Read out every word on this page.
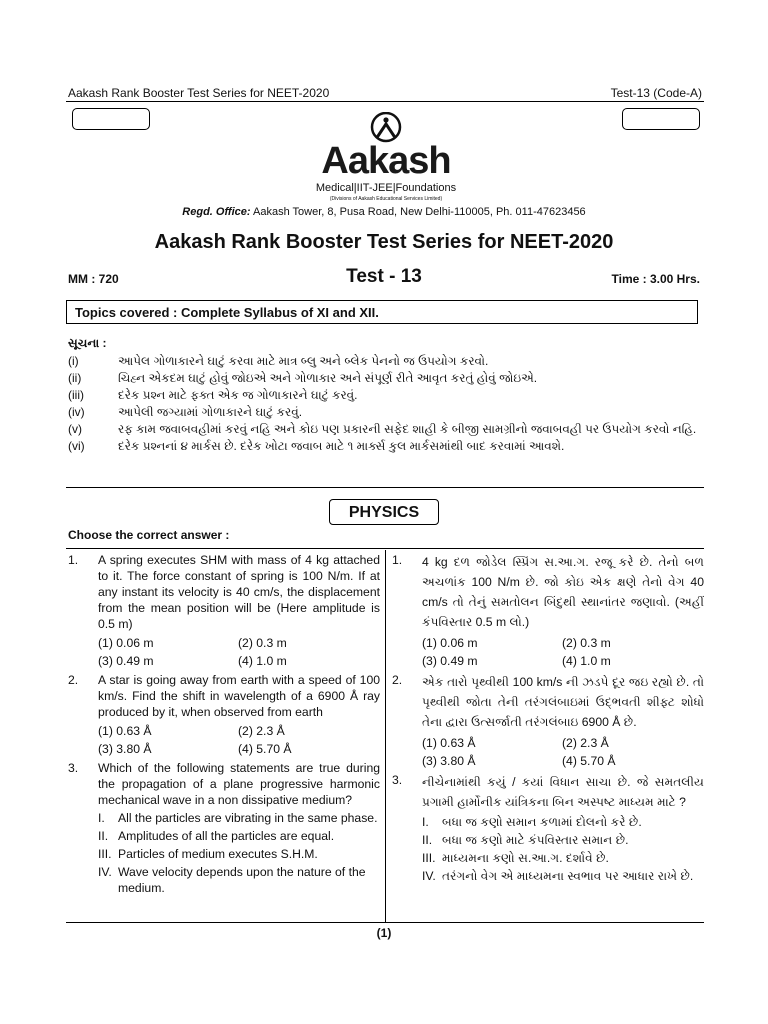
Aakash Rank Booster Test Series for NEET-2020	Test-13 (Code-A)
Aakash
Medical|IIT-JEE|Foundations
(Divisions of Aakash Educational Services Limited)
Regd. Office: Aakash Tower, 8, Pusa Road, New Delhi-110005, Ph. 011-47623456
Aakash Rank Booster Test Series for NEET-2020
MM : 720	Test - 13	Time : 3.00 Hrs.
Topics covered : Complete Syllabus of XI and XII.
સૂચના :
(i)	આપેલ ગોળાકારને ઘાટું કરવા માટે માત્ર બ્લુ અને બ્લેક પેનનો જ ઉપયોગ કરવો.
(ii)	ચિહ્ન એકદમ ઘાટું હોવું જોઇએ અને ગોળાકાર અને સંપૂર્ણ રીતે આવૃત કરતું હોવું જોઇએ.
(iii)	દરેક પ્રશ્ન માટે ફક્ત એક જ ગોળાકારને ઘાટું કરવું.
(iv)	આપેલી જગ્યામાં ગોળાકારને ઘાટું કરવું.
(v)	રફ કામ જવાબવહીમાં કરવું નહિ અને કોઇ પણ પ્રકારની સફેદ શાહી કે બીજી સામગ્રીનો જવાબવહી પર ઉપયોગ કરવો નહિ.
(vi)	દરેક પ્રશ્નનાં ૪ માર્કસ છે. દરેક ખોટા જવાબ માટે ૧ માર્ક્સ કુલ માર્કસમાંથી બાદ કરવામાં આવશે.
PHYSICS
Choose the correct answer :
1.	A spring executes SHM with mass of 4 kg attached to it. The force constant of spring is 100 N/m. If at any instant its velocity is 40 cm/s, the displacement from the mean position will be (Here amplitude is 0.5 m)
(1) 0.06 m	(2) 0.3 m
(3) 0.49 m	(4) 1.0 m
2.	A star is going away from earth with a speed of 100 km/s. Find the shift in wavelength of a 6900 Å ray produced by it, when observed from earth
(1) 0.63 Å	(2) 2.3 Å
(3) 3.80 Å	(4) 5.70 Å
3.	Which of the following statements are true during the propagation of a plane progressive harmonic mechanical wave in a non dissipative medium?
I.	All the particles are vibrating in the same phase.
II. Amplitudes of all the particles are equal.
III. Particles of medium executes S.H.M.
IV. Wave velocity depends upon the nature of the medium.
1.	4 kg દળ જોડેલ સ્પ્રિંગ સ.આ.ગ. રજૂ કરે છે. તેનો બળ અચળાંક 100 N/m છે. જો કોઇ એક ક્ષણે તેનો વેગ 40 cm/s તો તેનું સમતોલન બિંદુથી સ્થાનાંતર જણાવો. (અહીં કંપવિસ્તાર 0.5 m લો.)
(1) 0.06 m	(2) 0.3 m
(3) 0.49 m	(4) 1.0 m
2.	એક તારો પૃથ્વીથી 100 km/s ની ઝડપે દૂર જઇ રહ્યો છે. તો પૃથ્વીથી જોતા તેની તરંગલંબાઇમાં ઉદ્ભવતી શીફ્ટ શોધો તેના દ્વારા ઉત્સર્જાતી તરંગલંબાઇ 6900 Å છે.
(1) 0.63 Å	(2) 2.3 Å
(3) 3.80 Å	(4) 5.70 Å
3.	નીચેનામાંથી કયું / કયાં વિધાન સાચા છે. જે સમતલીય પ્રગામી હાર્મોનીક યાંત્રિકના બિન અસ્પષ્ટ માધ્યમ માટે ?
I.	બધા જ કણો સમાન કળામાં દોલનો કરે છે.
II. બધા જ કણો માટે કંપવિસ્તાર સમાન છે.
III. માધ્યમના કણો સ.આ.ગ. દર્શાવે છે.
IV. તરંગનો વેગ એ માધ્યમના સ્વભાવ પર આધાર રાખે છે.
(1)
